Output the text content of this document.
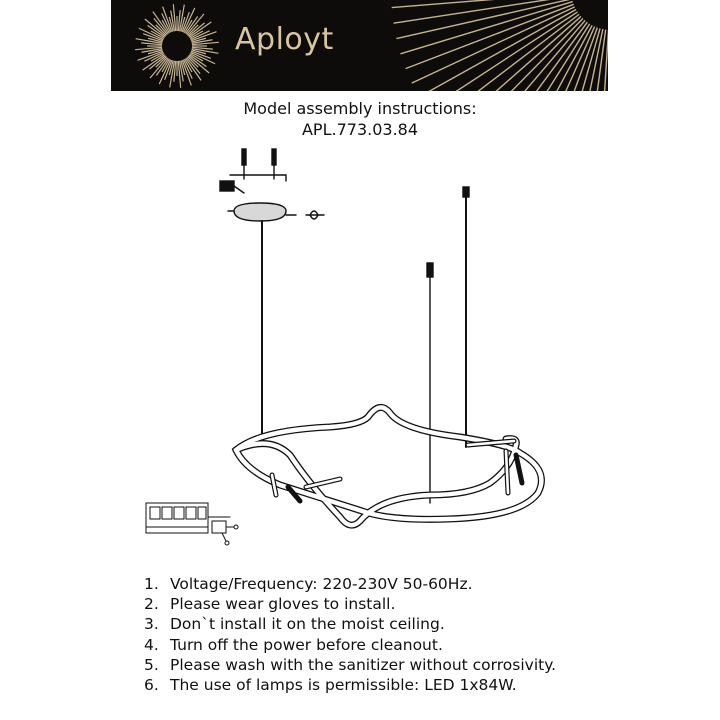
Aployt
Model assembly instructions:
APL.773.03.84
1. Voltage/Frequency: 220-230V 50-60Hz.
2. Please wear gloves to install.
3. Don`t install it on the moist ceiling.
4. Turn off the power before cleanout.
5. Please wash with the sanitizer without corrosivity.
6. The use of lamps is permissible: LED 1x84W.
